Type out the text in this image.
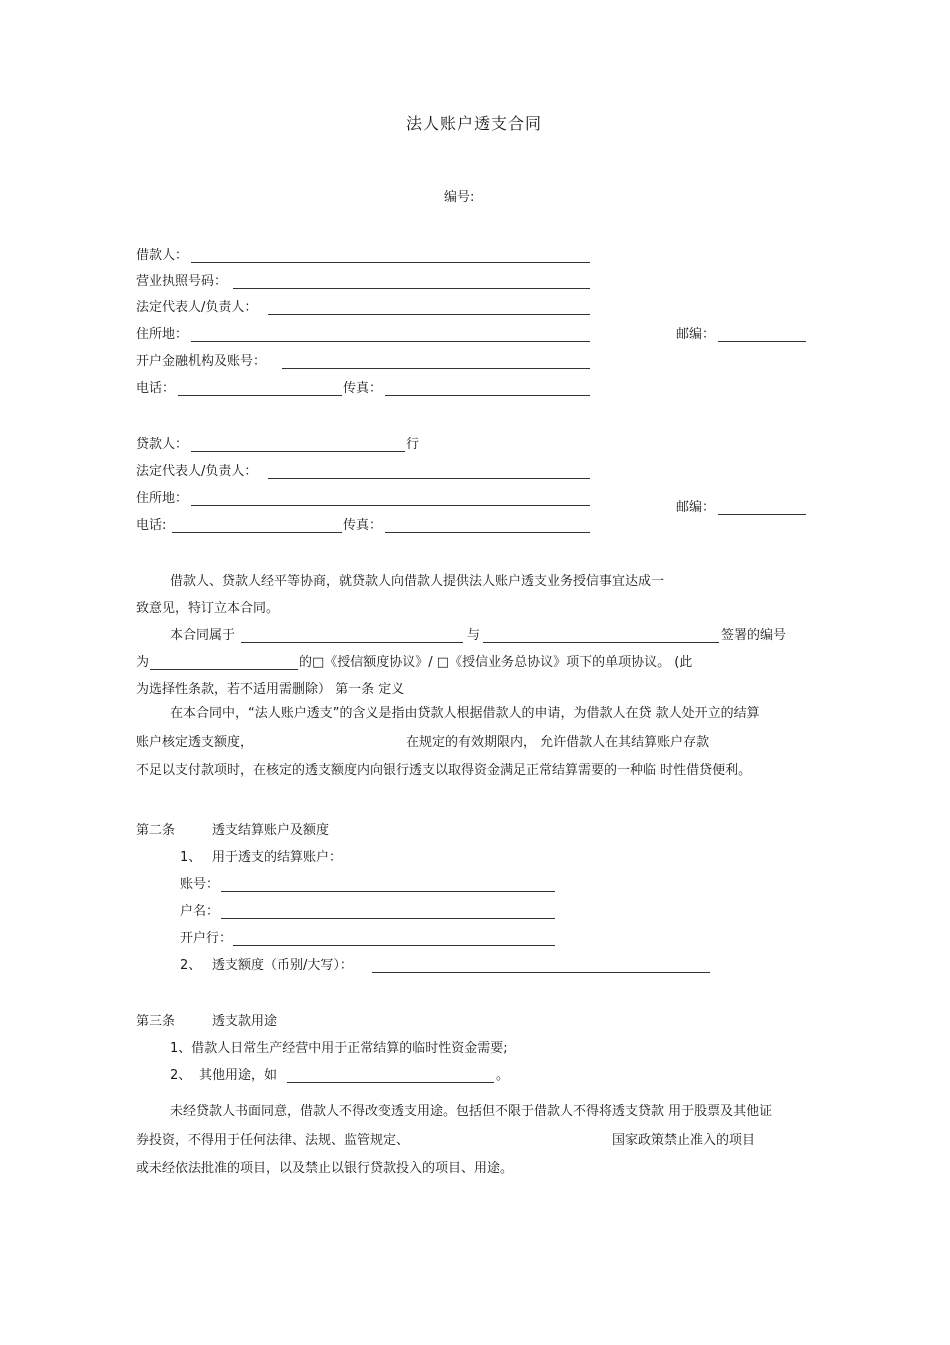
法人账户透支合同
编号:
借款人：
营业执照号码：
法定代表人/负责人：
住所地：	邮编：
开户金融机构及账号：
电话：	传真：
贷款人：	行
法定代表人/负责人：
住所地：
邮编：
电话:	传真：
借款人、贷款人经平等协商，就贷款人向借款人提供法人账户透支业务授信事宜达成一
致意见，特订立本合同。
本合同属于	与	签署的编号
为	的□《授信额度协议》/ □《授信业务总协议》项下的单项协议。 (此
为选择性条款，若不适用需删除） 第一条 定义
在本合同中，“法人账户透支”的含义是指由贷款人根据借款人的申请，为借款人在贷 款人处开立的结算
账户核定透支额度，	在规定的有效期限内， 允许借款人在其结算账户存款
不足以支付款项时，在核定的透支额度内向银行透支以取得资金满足正常结算需要的一种临 时性借贷便利。
第二条	透支结算账户及额度
1、 用于透支的结算账户：
账号：
户名：
开户行：
2、 透支额度（币别/大写）：
第三条	透支款用途
1、借款人日常生产经营中用于正常结算的临时性资金需要;
2、 其他用途，如	。
未经贷款人书面同意，借款人不得改变透支用途。包括但不限于借款人不得将透支贷款 用于股票及其他证
券投资，不得用于任何法律、法规、监管规定、	国家政策禁止准入的项目
或未经依法批准的项目，以及禁止以银行贷款投入的项目、用途。
